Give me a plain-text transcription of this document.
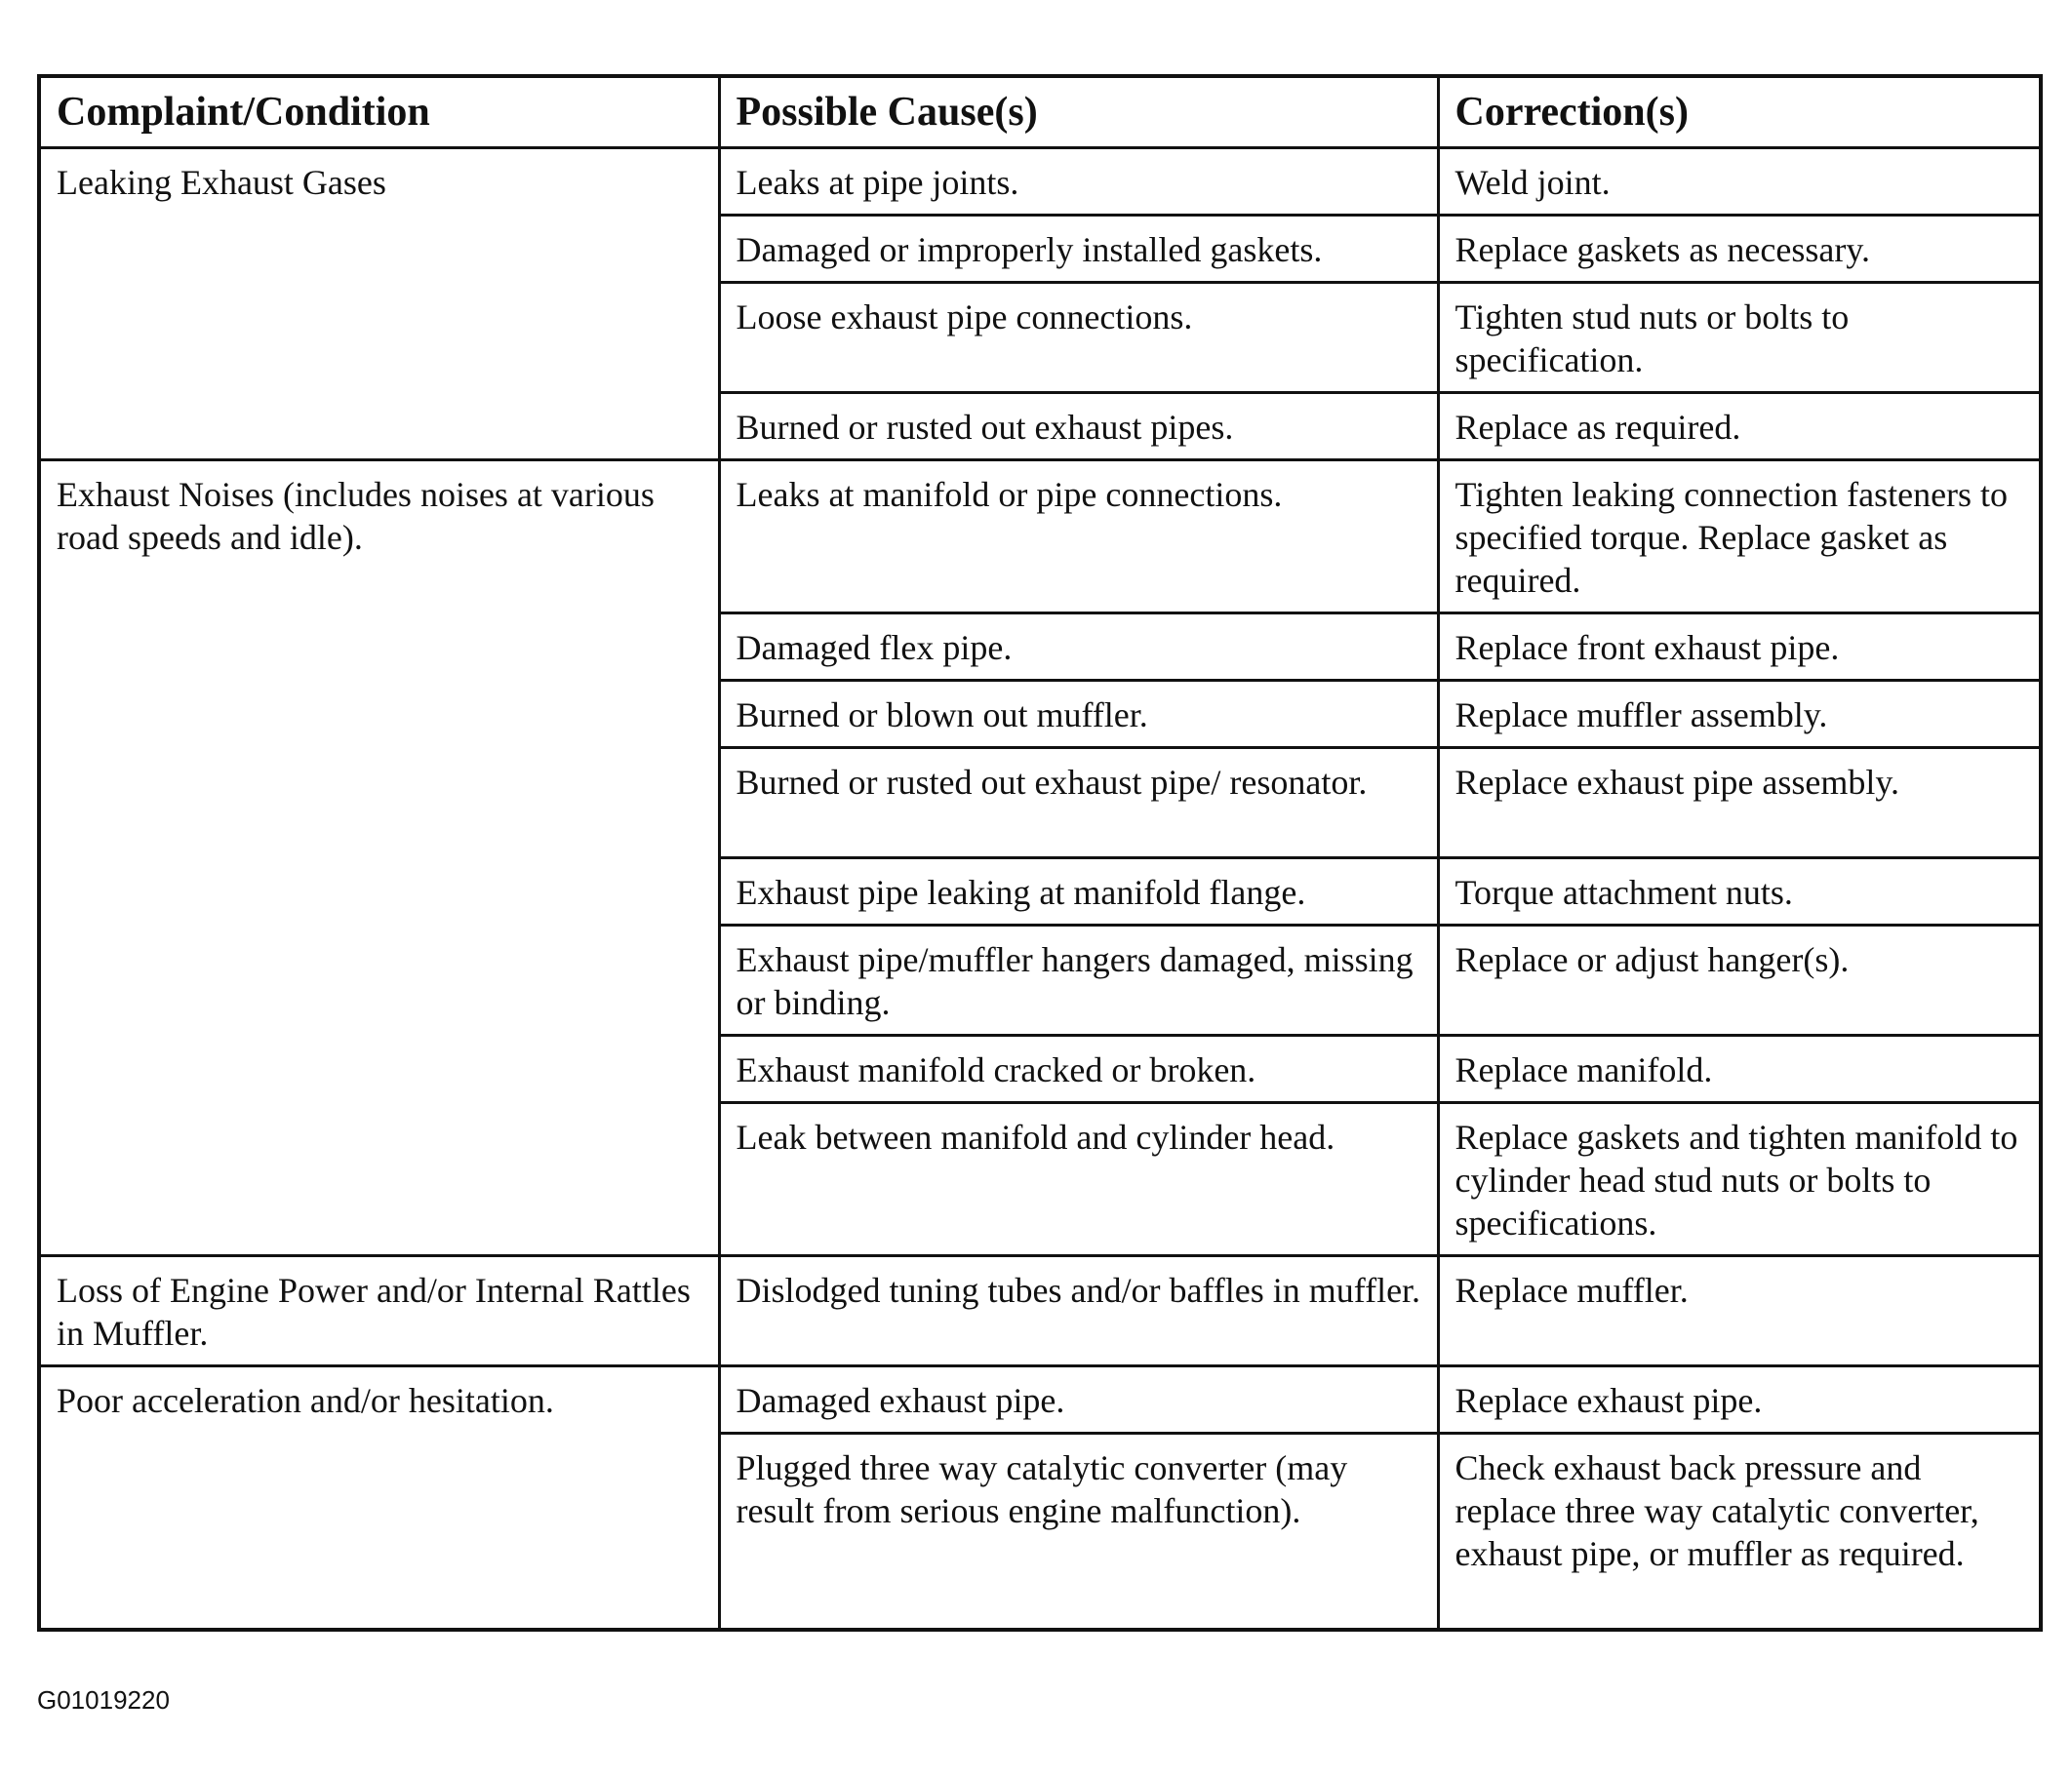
Complaint/Condition	Possible Cause(s)	Correction(s)
Leaking Exhaust Gases	Leaks at pipe joints.	Weld joint.
	Damaged or improperly installed gaskets.	Replace gaskets as necessary.
	Loose exhaust pipe connections.	Tighten stud nuts or bolts to specification.
	Burned or rusted out exhaust pipes.	Replace as required.
Exhaust Noises (includes noises at various road speeds and idle).	Leaks at manifold or pipe connections.	Tighten leaking connection fasteners to specified torque. Replace gasket as required.
	Damaged flex pipe.	Replace front exhaust pipe.
	Burned or blown out muffler.	Replace muffler assembly.
	Burned or rusted out exhaust pipe/ resonator.	Replace exhaust pipe assembly.
	Exhaust pipe leaking at manifold flange.	Torque attachment nuts.
	Exhaust pipe/muffler hangers damaged, missing or binding.	Replace or adjust hanger(s).
	Exhaust manifold cracked or broken.	Replace manifold.
	Leak between manifold and cylinder head.	Replace gaskets and tighten manifold to cylinder head stud nuts or bolts to specifications.
Loss of Engine Power and/or Internal Rattles in Muffler.	Dislodged tuning tubes and/or baffles in muffler.	Replace muffler.
Poor acceleration and/or hesitation.	Damaged exhaust pipe.	Replace exhaust pipe.
	Plugged three way catalytic converter (may result from serious engine malfunction).	Check exhaust back pressure and replace three way catalytic converter, exhaust pipe, or muffler as required.
G01019220
